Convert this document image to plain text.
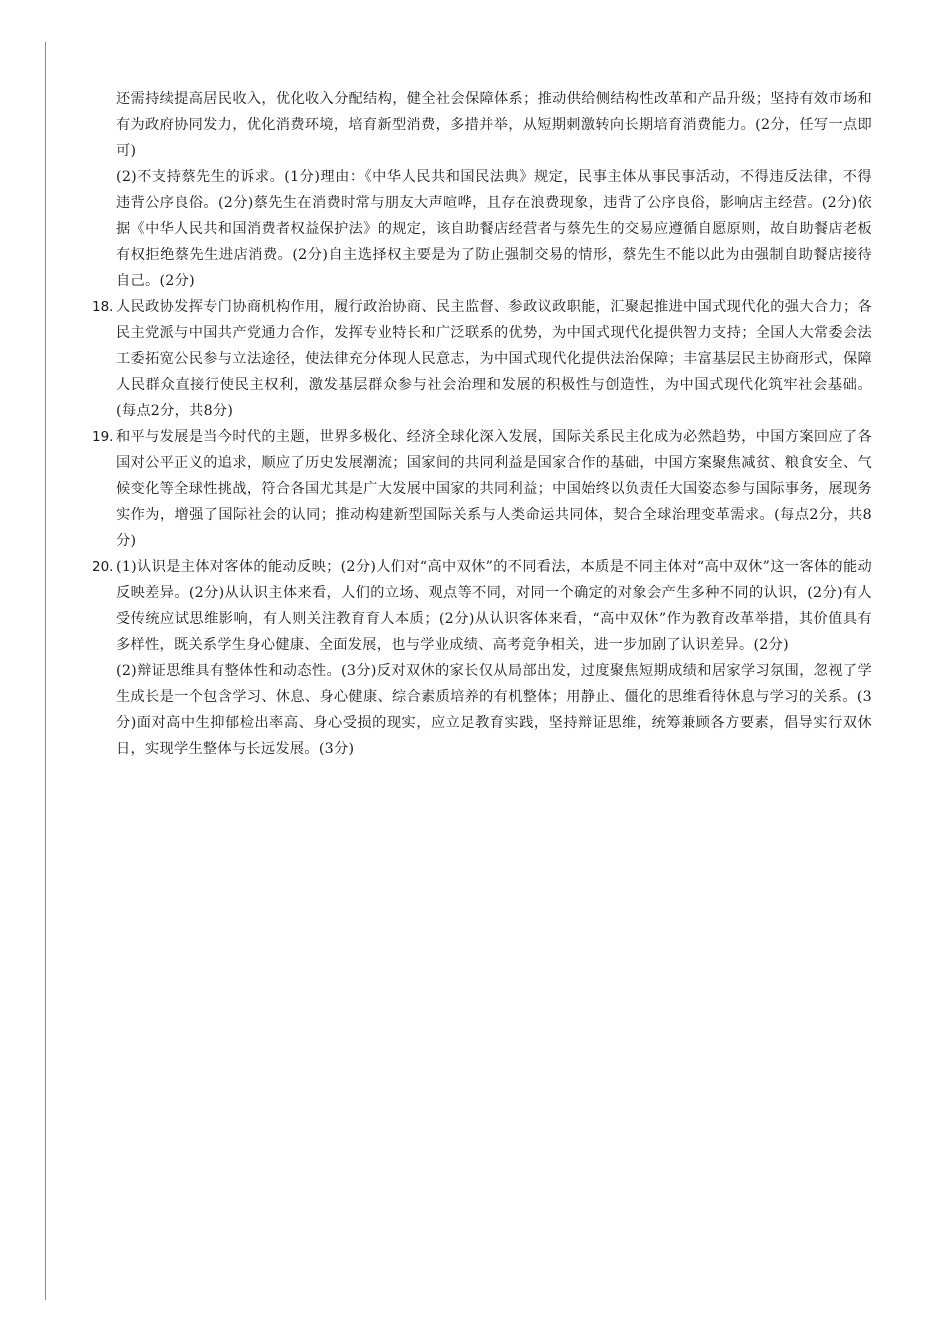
还需持续提高居民收入，优化收入分配结构，健全社会保障体系；推动供给侧结构性改革和产品升级；坚持有效市场和有为政府协同发力，优化消费环境，培育新型消费，多措并举，从短期刺激转向长期培育消费能力。(2分，任写一点即可)
(2)不支持蔡先生的诉求。(1分)理由：《中华人民共和国民法典》规定，民事主体从事民事活动，不得违反法律，不得违背公序良俗。(2分)蔡先生在消费时常与朋友大声喧哗，且存在浪费现象，违背了公序良俗，影响店主经营。(2分)依据《中华人民共和国消费者权益保护法》的规定，该自助餐店经营者与蔡先生的交易应遵循自愿原则，故自助餐店老板有权拒绝蔡先生进店消费。(2分)自主选择权主要是为了防止强制交易的情形，蔡先生不能以此为由强制自助餐店接待自己。(2分)
18. 人民政协发挥专门协商机构作用，履行政治协商、民主监督、参政议政职能，汇聚起推进中国式现代化的强大合力；各民主党派与中国共产党通力合作，发挥专业特长和广泛联系的优势，为中国式现代化提供智力支持；全国人大常委会法工委拓宽公民参与立法途径，使法律充分体现人民意志，为中国式现代化提供法治保障；丰富基层民主协商形式，保障人民群众直接行使民主权利，激发基层群众参与社会治理和发展的积极性与创造性，为中国式现代化筑牢社会基础。(每点2分，共8分)
19. 和平与发展是当今时代的主题，世界多极化、经济全球化深入发展，国际关系民主化成为必然趋势，中国方案回应了各国对公平正义的追求，顺应了历史发展潮流；国家间的共同利益是国家合作的基础，中国方案聚焦减贫、粮食安全、气候变化等全球性挑战，符合各国尤其是广大发展中国家的共同利益；中国始终以负责任大国姿态参与国际事务，展现务实作为，增强了国际社会的认同；推动构建新型国际关系与人类命运共同体，契合全球治理变革需求。(每点2分，共8分)
20. (1)认识是主体对客体的能动反映；(2分)人们对“高中双休”的不同看法，本质是不同主体对“高中双休”这一客体的能动反映差异。(2分)从认识主体来看，人们的立场、观点等不同，对同一个确定的对象会产生多种不同的认识，(2分)有人受传统应试思维影响，有人则关注教育育人本质；(2分)从认识客体来看，“高中双休”作为教育改革举措，其价值具有多样性，既关系学生身心健康、全面发展，也与学业成绩、高考竞争相关，进一步加剧了认识差异。(2分)
(2)辩证思维具有整体性和动态性。(3分)反对双休的家长仅从局部出发，过度聚焦短期成绩和居家学习氛围，忽视了学生成长是一个包含学习、休息、身心健康、综合素质培养的有机整体；用静止、僵化的思维看待休息与学习的关系。(3分)面对高中生抑郁检出率高、身心受损的现实，应立足教育实践，坚持辩证思维，统筹兼顾各方要素，倡导实行双休日，实现学生整体与长远发展。(3分)
